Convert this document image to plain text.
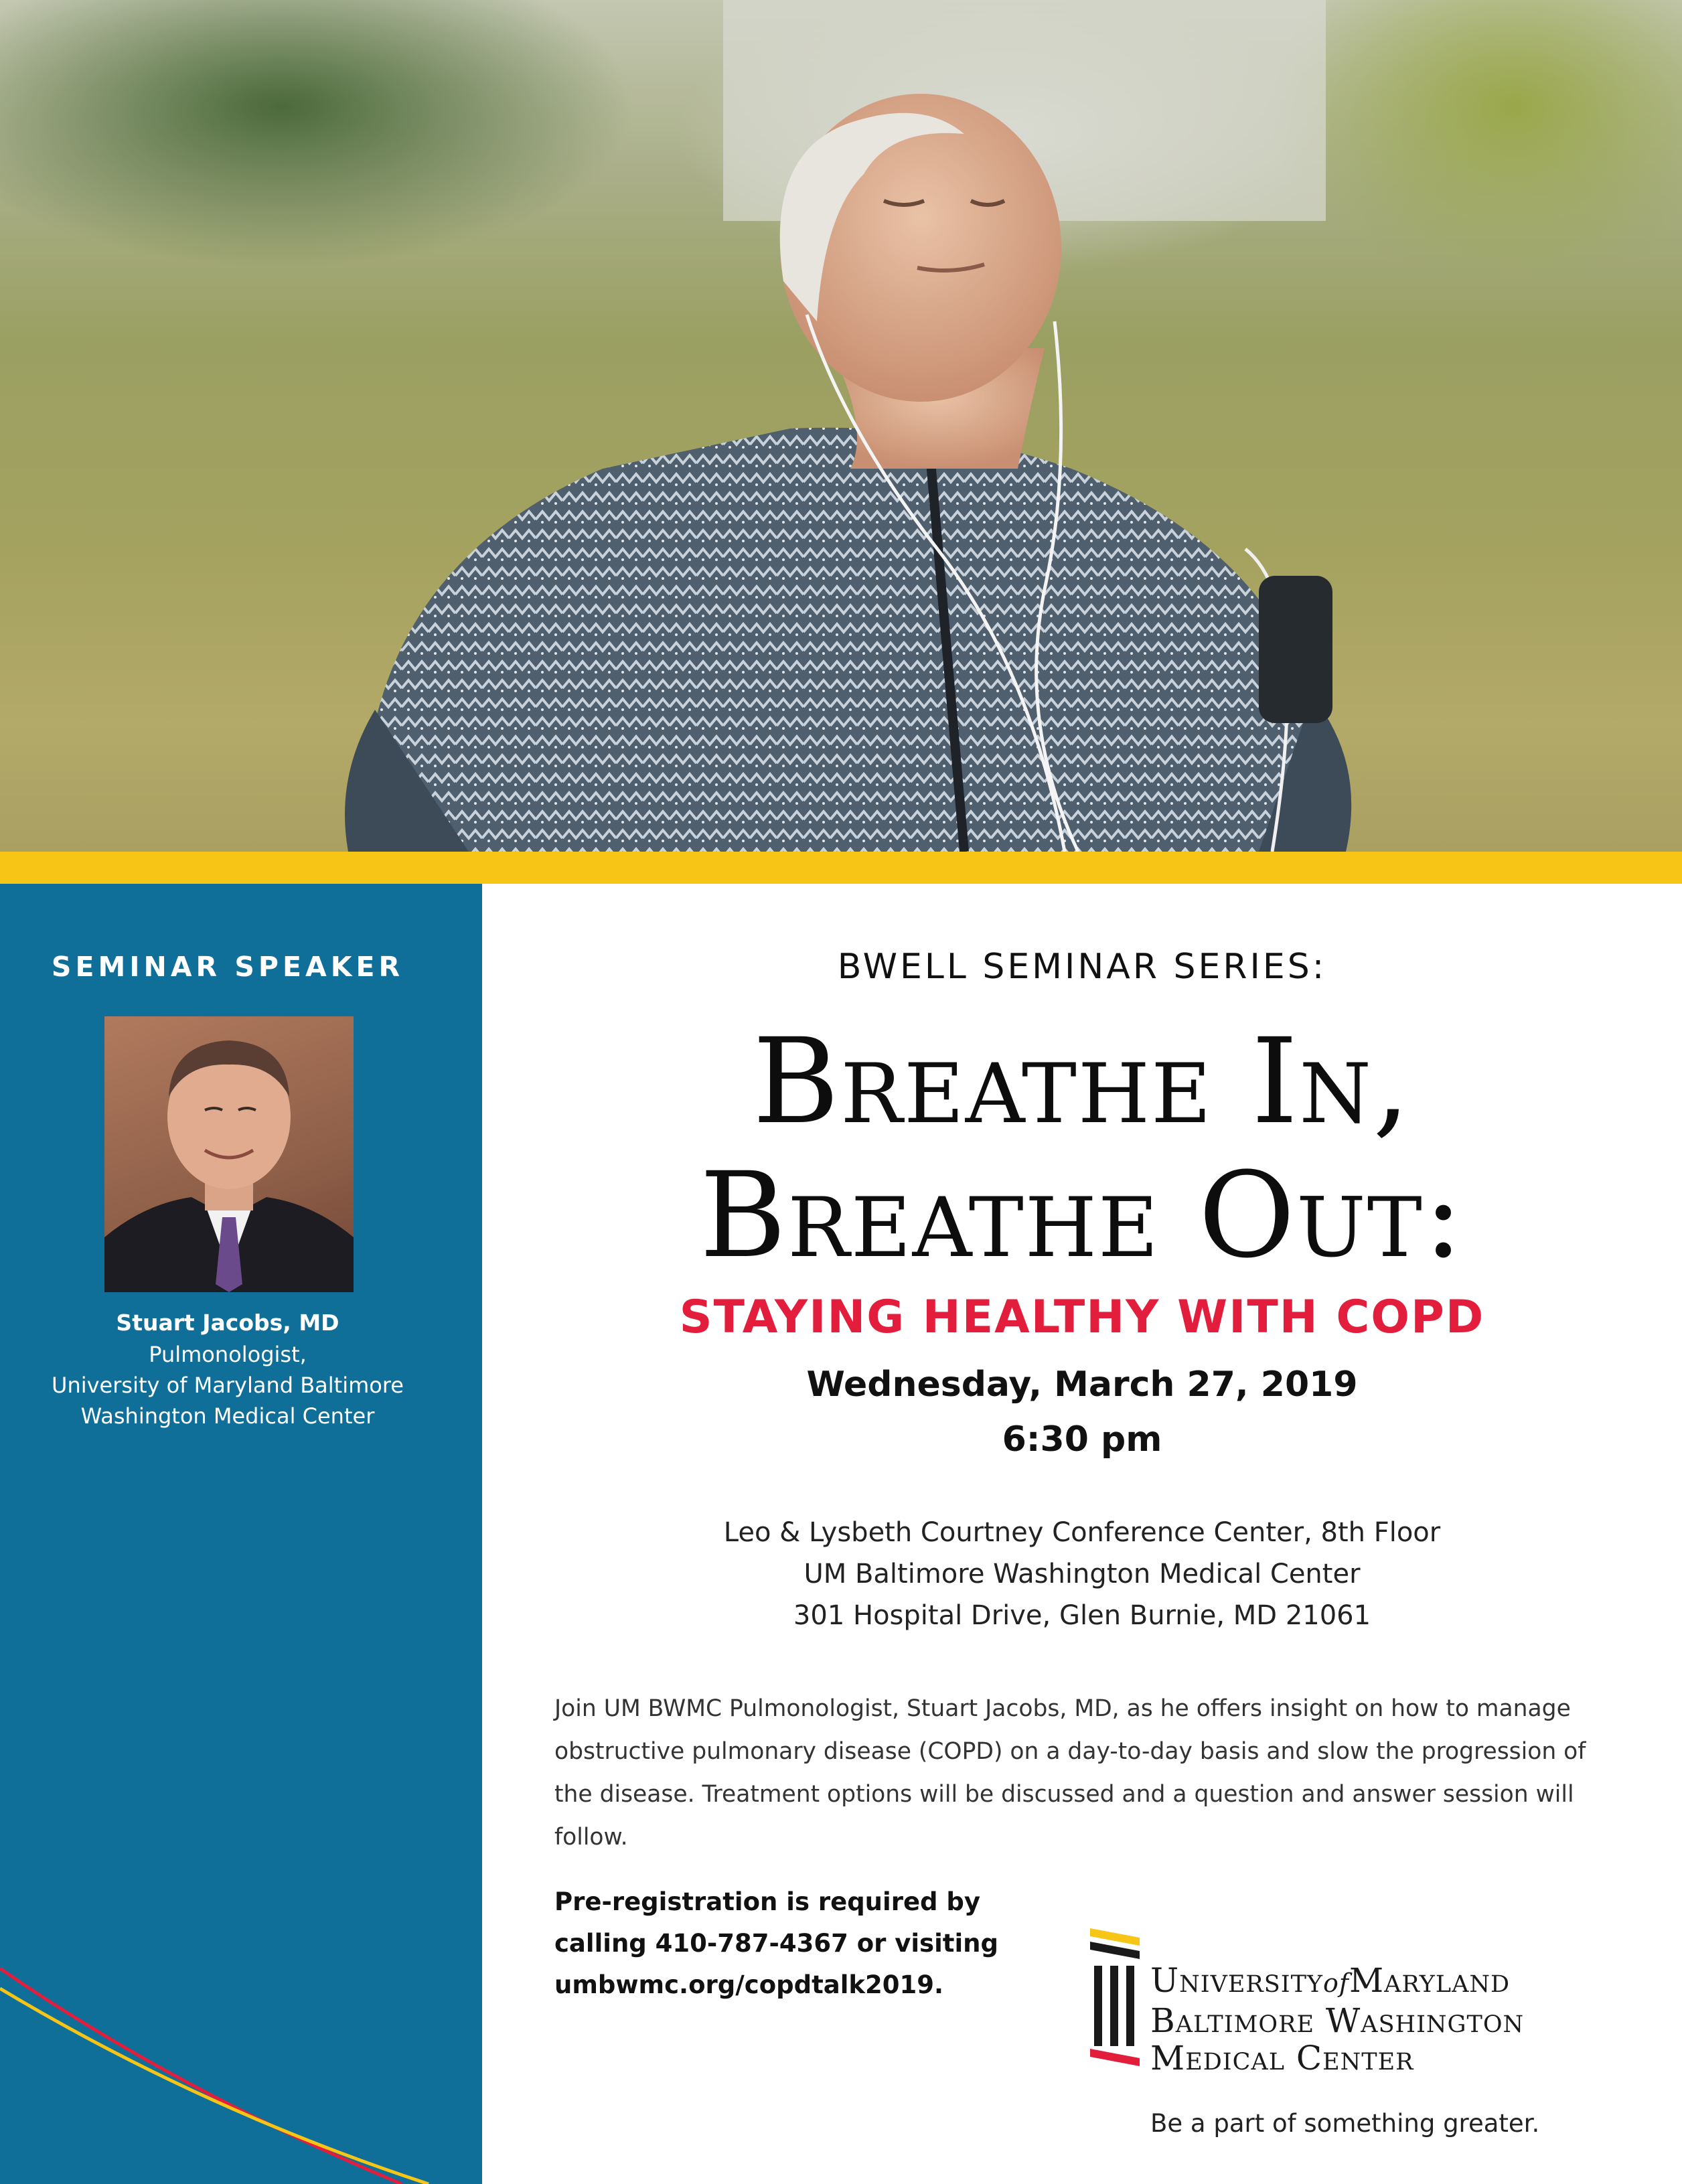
SEMINAR SPEAKER
Stuart Jacobs, MD
Pulmonologist,
University of Maryland Baltimore
Washington Medical Center
BWELL SEMINAR SERIES:
Breathe In,
Breathe Out:
STAYING HEALTHY WITH COPD
Wednesday, March 27, 2019
6:30 pm
Leo & Lysbeth Courtney Conference Center, 8th Floor
UM Baltimore Washington Medical Center
301 Hospital Drive, Glen Burnie, MD 21061
Join UM BWMC Pulmonologist, Stuart Jacobs, MD, as he offers insight on how to manage obstructive pulmonary disease (COPD) on a day-to-day basis and slow the progression of the disease. Treatment options will be discussed and a question and answer session will follow.
Pre-registration is required by
calling 410-787-4367 or visiting
umbwmc.org/copdtalk2019.	UniversityofMaryland
Baltimore Washington
Medical Center
Be a part of something greater.
